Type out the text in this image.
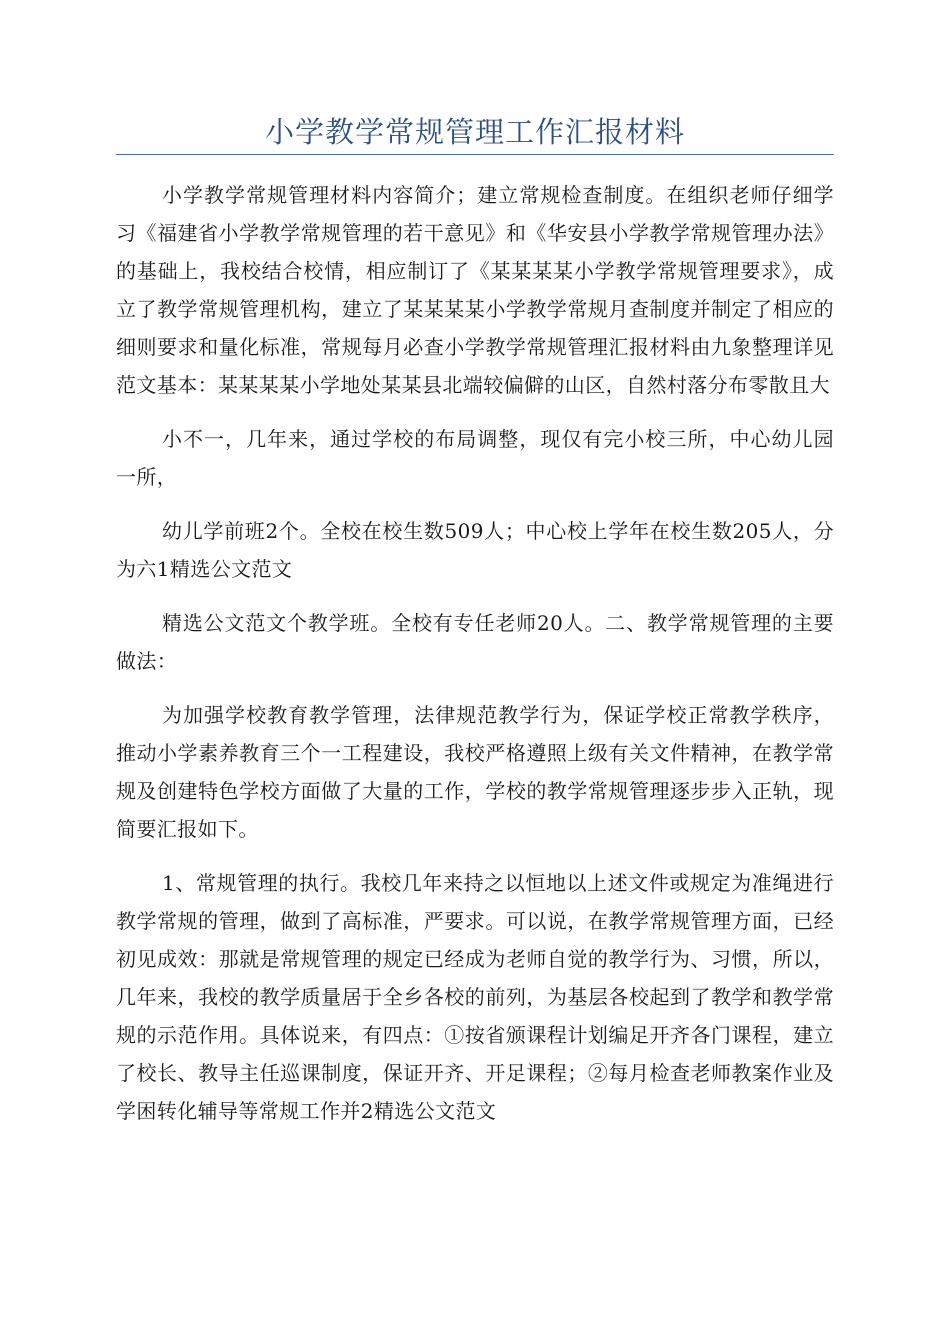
小学教学常规管理工作汇报材料

小学教学常规管理材料内容简介；建立常规检查制度。在组织老师仔细学习《福建省小学教学常规管理的若干意见》和《华安县小学教学常规管理办法》的基础上，我校结合校情，相应制订了《某某某某小学教学常规管理要求》，成立了教学常规管理机构，建立了某某某某小学教学常规月查制度并制定了相应的细则要求和量化标准，常规每月必查小学教学常规管理汇报材料由九象整理详见范文基本：某某某某小学地处某某县北端较偏僻的山区，自然村落分布零散且大

小不一，几年来，通过学校的布局调整，现仅有完小校三所，中心幼儿园一所，

幼儿学前班2个。全校在校生数509人；中心校上学年在校生数205人，分为六1精选公文范文

精选公文范文个教学班。全校有专任老师20人。二、教学常规管理的主要做法：

为加强学校教育教学管理，法律规范教学行为，保证学校正常教学秩序，推动小学素养教育三个一工程建设，我校严格遵照上级有关文件精神，在教学常规及创建特色学校方面做了大量的工作，学校的教学常规管理逐步步入正轨，现简要汇报如下。

1、常规管理的执行。我校几年来持之以恒地以上述文件或规定为准绳进行教学常规的管理，做到了高标准，严要求。可以说，在教学常规管理方面，已经初见成效：那就是常规管理的规定已经成为老师自觉的教学行为、习惯，所以，几年来，我校的教学质量居于全乡各校的前列，为基层各校起到了教学和教学常规的示范作用。具体说来，有四点：①按省颁课程计划编足开齐各门课程，建立了校长、教导主任巡课制度，保证开齐、开足课程；②每月检查老师教案作业及学困转化辅导等常规工作并2精选公文范文
